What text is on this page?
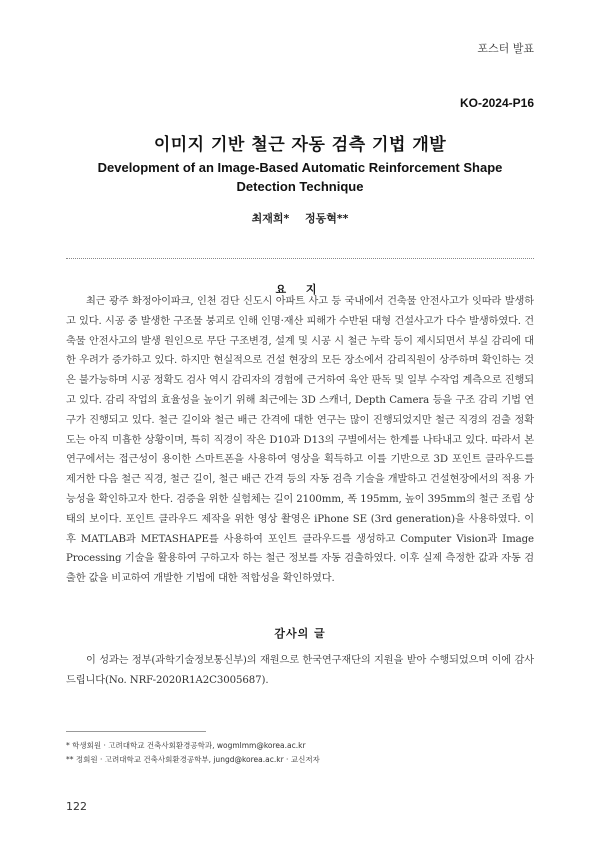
포스터 발표
KO-2024-P16
이미지 기반 철근 자동 검측 기법 개발
Development of an Image-Based Automatic Reinforcement Shape Detection Technique
최재희* 정동혁**
요 지

최근 광주 화정아이파크, 인천 검단 신도시 아파트 사고 등 국내에서 건축물 안전사고가 잇따라 발생하고 있다. 시공 중 발생한 구조물 붕괴로 인해 인명·재산 피해가 수반된 대형 건설사고가 다수 발생하였다. 건축물 안전사고의 발생 원인으로 무단 구조변경, 설계 및 시공 시 철근 누락 등이 제시되면서 부실 감리에 대한 우려가 증가하고 있다. 하지만 현실적으로 건설 현장의 모든 장소에서 감리직원이 상주하며 확인하는 것은 불가능하며 시공 정확도 검사 역시 감리자의 경험에 근거하여 육안 판독 및 일부 수작업 계측으로 진행되고 있다. 감리 작업의 효율성을 높이기 위해 최근에는 3D 스캐너, Depth Camera 등을 구조 감리 기법 연구가 진행되고 있다. 철근 길이와 철근 배근 간격에 대한 연구는 많이 진행되었지만 철근 직경의 검출 정확도는 아직 미흡한 상황이며, 특히 직경이 작은 D10과 D13의 구별에서는 한계를 나타내고 있다. 따라서 본 연구에서는 접근성이 용이한 스마트폰을 사용하여 영상을 획득하고 이를 기반으로 3D 포인트 클라우드를 제거한 다음 철근 직경, 철근 길이, 철근 배근 간격 등의 자동 검측 기술을 개발하고 건설현장에서의 적용 가능성을 확인하고자 한다. 검증을 위한 실험체는 길이 2100mm, 폭 195mm, 높이 395mm의 철근 조립 상태의 보이다. 포인트 클라우드 제작을 위한 영상 촬영은 iPhone SE (3rd generation)을 사용하였다. 이후 MATLAB과 METASHAPE를 사용하여 포인트 클라우드를 생성하고 Computer Vision과 Image Processing 기술을 활용하여 구하고자 하는 철근 정보를 자동 검출하였다. 이후 실제 측정한 값과 자동 검출한 값을 비교하여 개발한 기법에 대한 적합성을 확인하였다.

감사의 글
이 성과는 정부(과학기술정보통신부)의 재원으로 한국연구재단의 지원을 받아 수행되었으며 이에 감사드립니다(No. NRF-2020R1A2C3005687).
* 학생회원 · 고려대학교 건축사회환경공학과, wogmlmm@korea.ac.kr
** 정회원 · 고려대학교 건축사회환경공학부, jungd@korea.ac.kr · 교신저자
122
